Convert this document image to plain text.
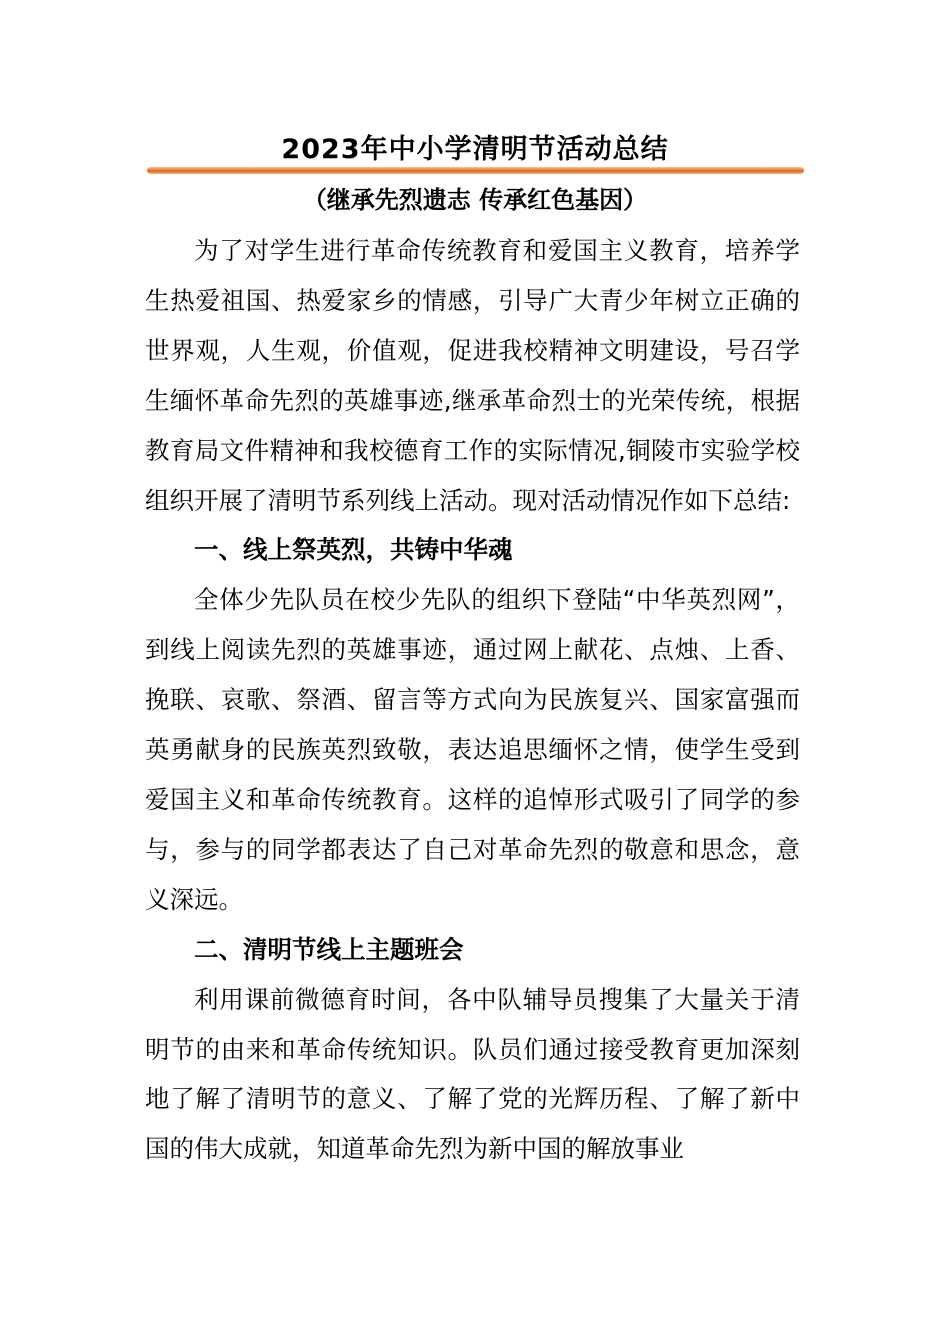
2023年中小学清明节活动总结
（继承先烈遗志 传承红色基因）

为了对学生进行革命传统教育和爱国主义教育，培养学生热爱祖国、热爱家乡的情感，引导广大青少年树立正确的世界观，人生观，价值观，促进我校精神文明建设，号召学生缅怀革命先烈的英雄事迹,继承革命烈士的光荣传统，根据教育局文件精神和我校德育工作的实际情况,铜陵市实验学校组织开展了清明节系列线上活动。现对活动情况作如下总结:

一、线上祭英烈，共铸中华魂

全体少先队员在校少先队的组织下登陆“中华英烈网”，到线上阅读先烈的英雄事迹，通过网上献花、点烛、上香、挽联、哀歌、祭酒、留言等方式向为民族复兴、国家富强而英勇献身的民族英烈致敬，表达追思缅怀之情，使学生受到爱国主义和革命传统教育。这样的追悼形式吸引了同学的参与，参与的同学都表达了自己对革命先烈的敬意和思念，意义深远。

二、清明节线上主题班会

利用课前微德育时间，各中队辅导员搜集了大量关于清明节的由来和革命传统知识。队员们通过接受教育更加深刻地了解了清明节的意义、了解了党的光辉历程、了解了新中国的伟大成就，知道革命先烈为新中国的解放事业
